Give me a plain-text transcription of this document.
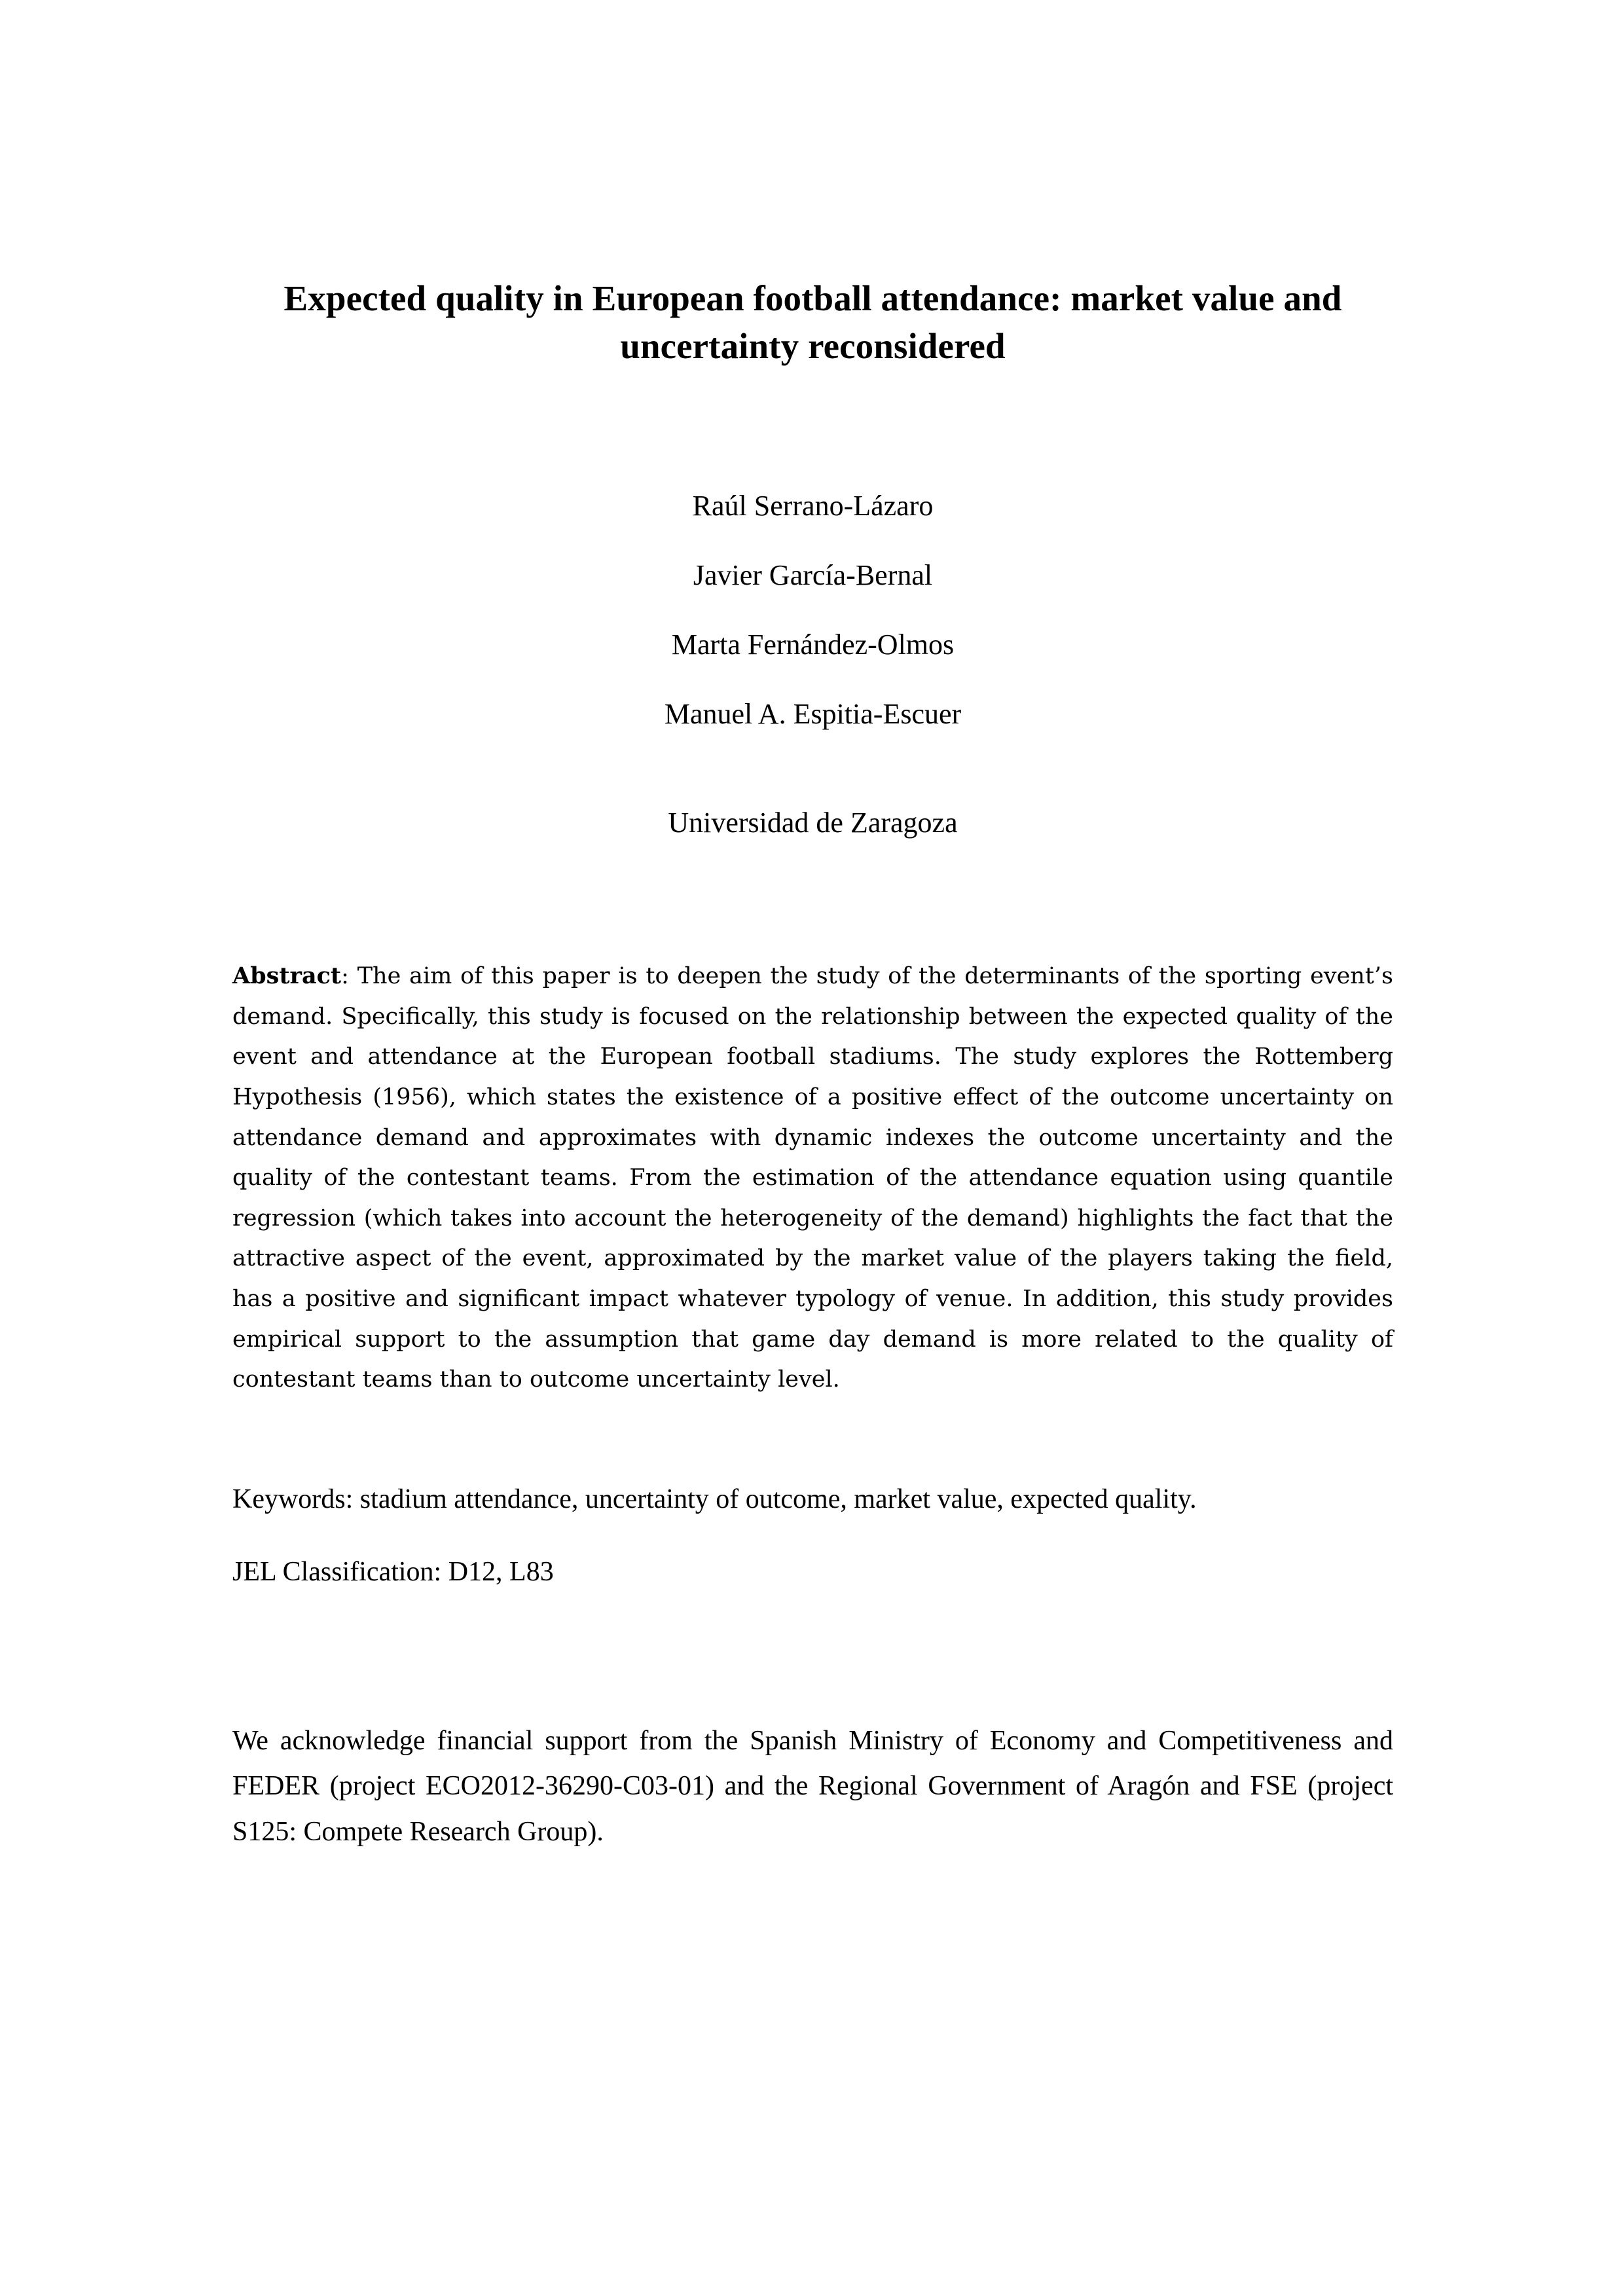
Expected quality in European football attendance: market value and uncertainty reconsidered

Raúl Serrano-Lázaro

Javier García-Bernal

Marta Fernández-Olmos

Manuel A. Espitia-Escuer

Universidad de Zaragoza

Abstract: The aim of this paper is to deepen the study of the determinants of the sporting event’s demand. Specifically, this study is focused on the relationship between the expected quality of the event and attendance at the European football stadiums. The study explores the Rottemberg Hypothesis (1956), which states the existence of a positive effect of the outcome uncertainty on attendance demand and approximates with dynamic indexes the outcome uncertainty and the quality of the contestant teams. From the estimation of the attendance equation using quantile regression (which takes into account the heterogeneity of the demand) highlights the fact that the attractive aspect of the event, approximated by the market value of the players taking the field, has a positive and significant impact whatever typology of venue. In addition, this study provides empirical support to the assumption that game day demand is more related to the quality of contestant teams than to outcome uncertainty level.

Keywords: stadium attendance, uncertainty of outcome, market value, expected quality.

JEL Classification: D12, L83

We acknowledge financial support from the Spanish Ministry of Economy and Competitiveness and FEDER (project ECO2012-36290-C03-01) and the Regional Government of Aragón and FSE (project S125: Compete Research Group).
